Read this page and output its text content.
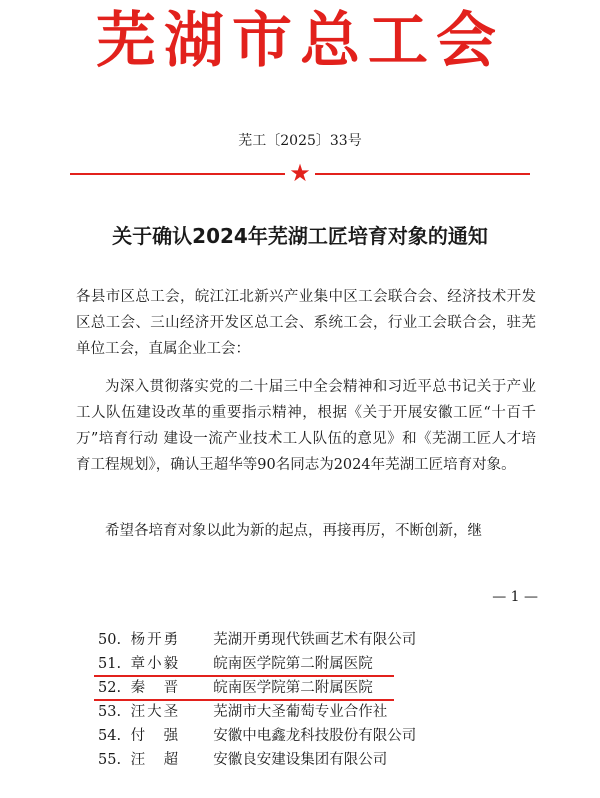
芜湖市总工会
芜工〔2025〕33号
★
关于确认2024年芜湖工匠培育对象的通知
各县市区总工会，皖江江北新兴产业集中区工会联合会、经济技术开发区总工会、三山经济开发区总工会、系统工会，行业工会联合会，驻芜单位工会，直属企业工会：
为深入贯彻落实党的二十届三中全会精神和习近平总书记关于产业工人队伍建设改革的重要指示精神，根据《关于开展安徽工匠“十百千万”培育行动 建设一流产业技术工人队伍的意见》和《芜湖工匠人才培育工程规划》，确认王超华等90名同志为2024年芜湖工匠培育对象。
希望各培育对象以此为新的起点，再接再厉，不断创新，继
— 1 —
50. 杨开勇 芜湖开勇现代铁画艺术有限公司
51. 章小毅 皖南医学院第二附属医院
52. 秦　晋 皖南医学院第二附属医院
53. 汪大圣 芜湖市大圣葡萄专业合作社
54. 付　强 安徽中电鑫龙科技股份有限公司
55. 汪　超 安徽良安建设集团有限公司
